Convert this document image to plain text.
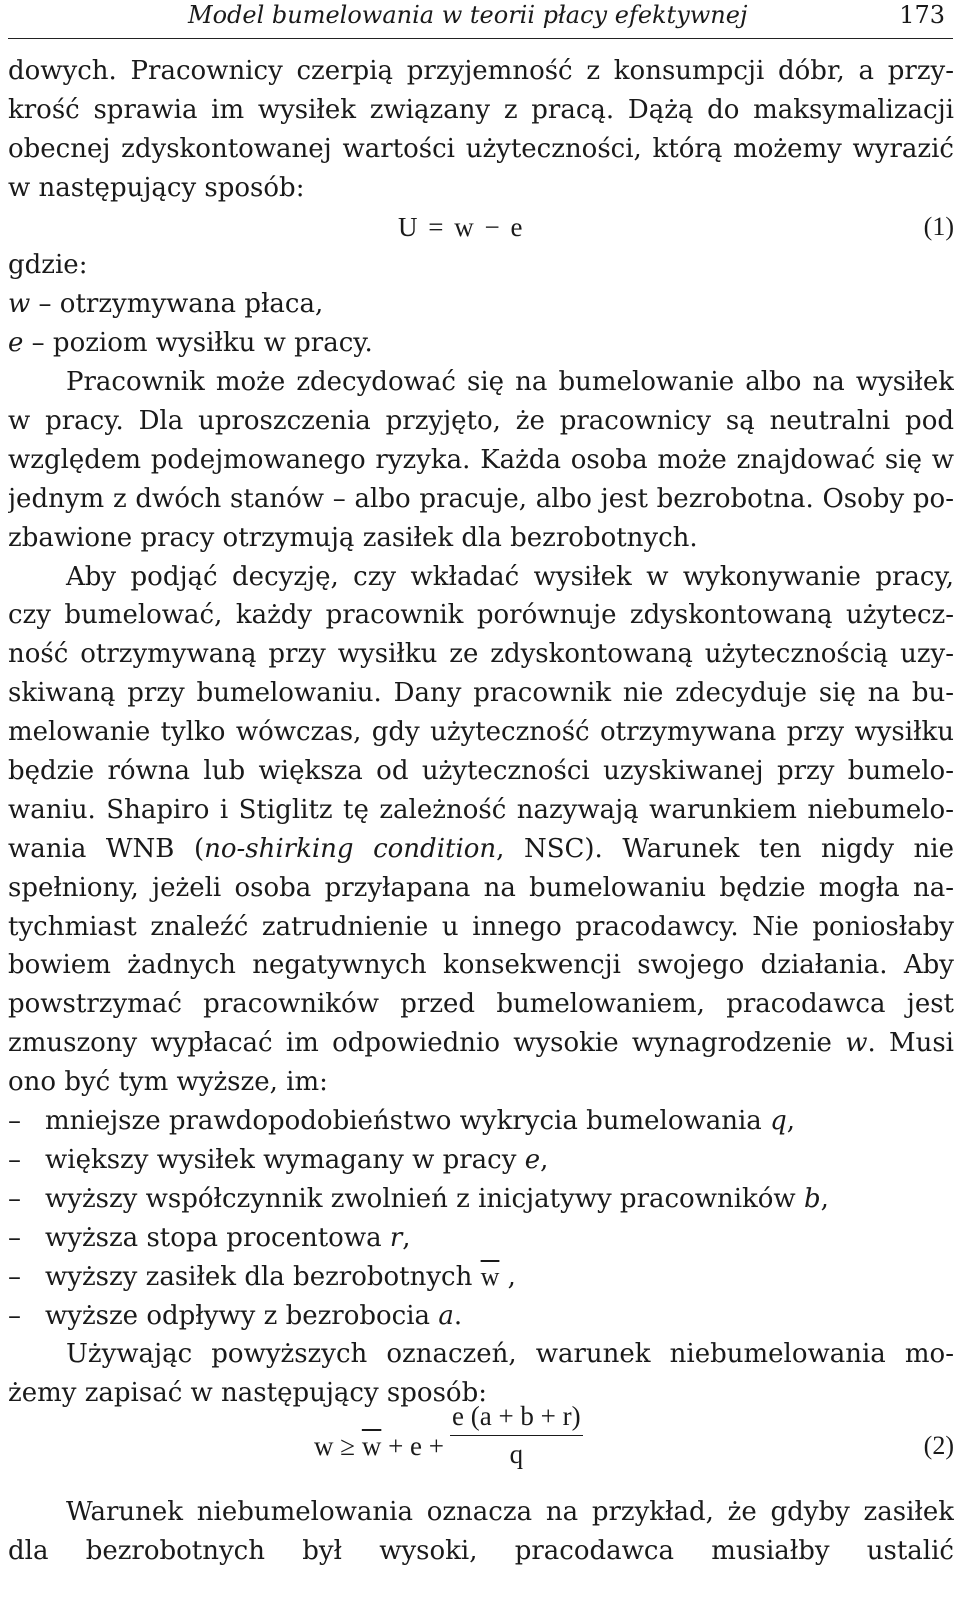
Model bumelowania w teorii płacy efektywnej	173
dowych. Pracownicy czerpią przyjemność z konsumpcji dóbr, a przy-
krość sprawia im wysiłek związany z pracą. Dążą do maksymalizacji
obecnej zdyskontowanej wartości użyteczności, którą możemy wyrazić
w następujący sposób:
U = w − e	(1)
gdzie:
w – otrzymywana płaca,
e – poziom wysiłku w pracy.
Pracownik może zdecydować się na bumelowanie albo na wysiłek
w pracy. Dla uproszczenia przyjęto, że pracownicy są neutralni pod
względem podejmowanego ryzyka. Każda osoba może znajdować się w
jednym z dwóch stanów – albo pracuje, albo jest bezrobotna. Osoby po-
zbawione pracy otrzymują zasiłek dla bezrobotnych.
Aby podjąć decyzję, czy wkładać wysiłek w wykonywanie pracy,
czy bumelować, każdy pracownik porównuje zdyskontowaną użytecz-
ność otrzymywaną przy wysiłku ze zdyskontowaną użytecznością uzy-
skiwaną przy bumelowaniu. Dany pracownik nie zdecyduje się na bu-
melowanie tylko wówczas, gdy użyteczność otrzymywana przy wysiłku
będzie równa lub większa od użyteczności uzyskiwanej przy bumelo-
waniu. Shapiro i Stiglitz tę zależność nazywają warunkiem niebumelo-
wania WNB (no-shirking condition, NSC). Warunek ten nigdy nie
spełniony, jeżeli osoba przyłapana na bumelowaniu będzie mogła na-
tychmiast znaleźć zatrudnienie u innego pracodawcy. Nie poniosłaby
bowiem żadnych negatywnych konsekwencji swojego działania. Aby
powstrzymać pracowników przed bumelowaniem, pracodawca jest
zmuszony wypłacać im odpowiednio wysokie wynagrodzenie w. Musi
ono być tym wyższe, im:
– mniejsze prawdopodobieństwo wykrycia bumelowania q,
– większy wysiłek wymagany w pracy e,
– wyższy współczynnik zwolnień z inicjatywy pracowników b,
– wyższa stopa procentowa r,
– wyższy zasiłek dla bezrobotnych $\overline{w}$ ,
– wyższe odpływy z bezrobocia a.
Używając powyższych oznaczeń, warunek niebumelowania mo-
żemy zapisać w następujący sposób:
$w \ge \overline{w} + e + \frac{e (a + b + r)}{q}$	(2)
Warunek niebumelowania oznacza na przykład, że gdyby zasiłek
dla bezrobotnych był wysoki, pracodawca musiałby ustalić
